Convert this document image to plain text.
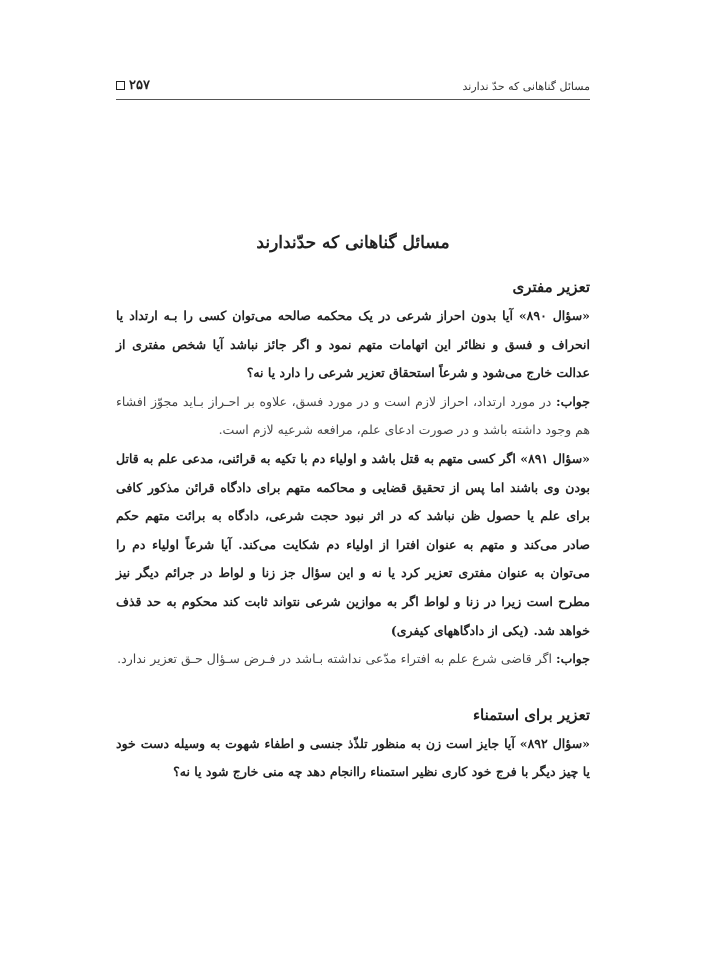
مسائل گناهانی که حدّ ندارند
۲۵۷
مسائل گناهانی که حدّندارند
تعزیر مفتری

«سؤال ۸۹۰» آیا بدون احراز شرعی در یک محکمه صالحه می‌توان کسی را بـه ارتداد یا انحراف و فسق و نظائر این اتهامات متهم نمود و اگر جائز نباشد آیا شخص مفتری از عدالت خارج می‌شود و شرعاً استحقاق تعزیر شرعی را دارد یا نه؟

جواب: در مورد ارتداد، احراز لازم است و در مورد فسق، علاوه بر احـراز بـاید مجوّز افشاء هم وجود داشته باشد و در صورت ادعای علم، مرافعه شرعیه لازم است.

«سؤال ۸۹۱» اگر کسی متهم به قتل باشد و اولیاء دم با تکیه به قرائنی، مدعی علم به قاتل بودن وی باشند اما پس از تحقیق قضایی و محاکمه متهم برای دادگاه قرائن مذکور کافی برای علم یا حصول ظن نباشد که در اثر نبود حجت شرعی، دادگاه به برائت متهم حکم صادر می‌کند و متهم به عنوان افترا از اولیاء دم شکایت می‌کند. آیا شرعاً اولیاء دم را می‌توان به عنوان مفتری تعزیر کرد یا نه و این سؤال جز زنا و لواط در جرائم دیگر نیز مطرح است زیرا در زنا و لواط اگر به موازین شرعی نتواند ثابت کند محکوم به حد قذف خواهد شد. (یکی از دادگاههای کیفری)

جواب: اگر قاضی شرع علم به افتراء مدّعی نداشته بـاشد در فـرض سـؤال حـق تعزیر ندارد.

تعزیر برای استمناء

«سؤال ۸۹۲» آیا جایز است زن به منظور تلذّذ جنسی و اطفاء شهوت به وسیله دست خود یا چیز دیگر با فرج خود کاری نظیر استمناء راانجام دهد چه منی خارج شود یا نه؟
